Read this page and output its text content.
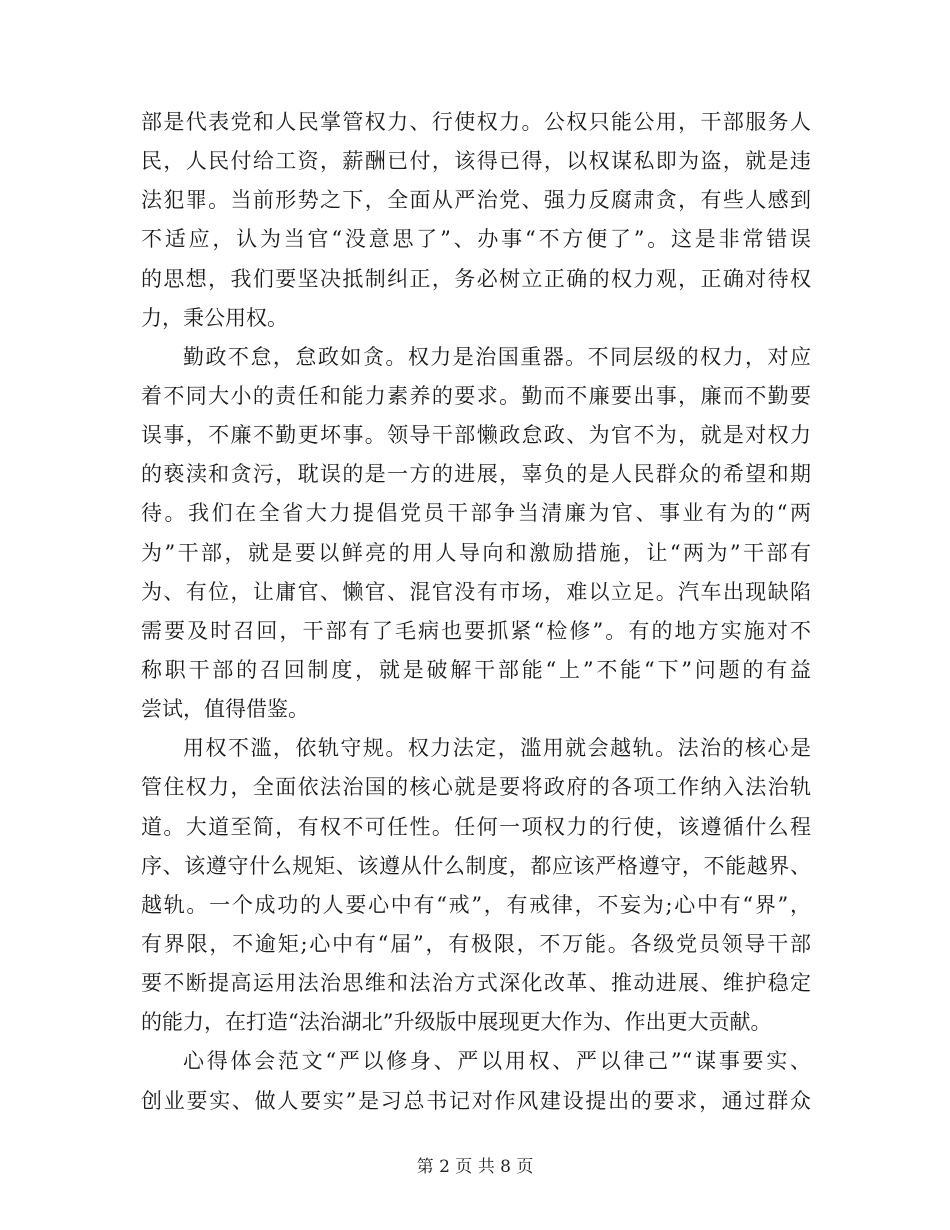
部是代表党和人民掌管权力、行使权力。公权只能公用，干部服务人
民，人民付给工资，薪酬已付，该得已得，以权谋私即为盗，就是违
法犯罪。当前形势之下，全面从严治党、强力反腐肃贪，有些人感到
不适应，认为当官“没意思了”、办事“不方便了”。这是非常错误
的思想，我们要坚决抵制纠正，务必树立正确的权力观，正确对待权
力，秉公用权。
勤政不怠，怠政如贪。权力是治国重器。不同层级的权力，对应
着不同大小的责任和能力素养的要求。勤而不廉要出事，廉而不勤要
误事，不廉不勤更坏事。领导干部懒政怠政、为官不为，就是对权力
的亵渎和贪污，耽误的是一方的进展，辜负的是人民群众的希望和期
待。我们在全省大力提倡党员干部争当清廉为官、事业有为的“两
为”干部，就是要以鲜亮的用人导向和激励措施，让“两为”干部有
为、有位，让庸官、懒官、混官没有市场，难以立足。汽车出现缺陷
需要及时召回，干部有了毛病也要抓紧“检修”。有的地方实施对不
称职干部的召回制度，就是破解干部能“上”不能“下”问题的有益
尝试，值得借鉴。
用权不滥，依轨守规。权力法定，滥用就会越轨。法治的核心是
管住权力，全面依法治国的核心就是要将政府的各项工作纳入法治轨
道。大道至简，有权不可任性。任何一项权力的行使，该遵循什么程
序、该遵守什么规矩、该遵从什么制度，都应该严格遵守，不能越界、
越轨。一个成功的人要心中有“戒”，有戒律，不妄为;心中有“界”，
有界限，不逾矩;心中有“届”，有极限，不万能。各级党员领导干部
要不断提高运用法治思维和法治方式深化改革、推动进展、维护稳定
的能力，在打造“法治湖北”升级版中展现更大作为、作出更大贡献。
心得体会范文“严以修身、严以用权、严以律己”“谋事要实、
创业要实、做人要实”是习总书记对作风建设提出的要求，通过群众
第 2 页 共 8 页
